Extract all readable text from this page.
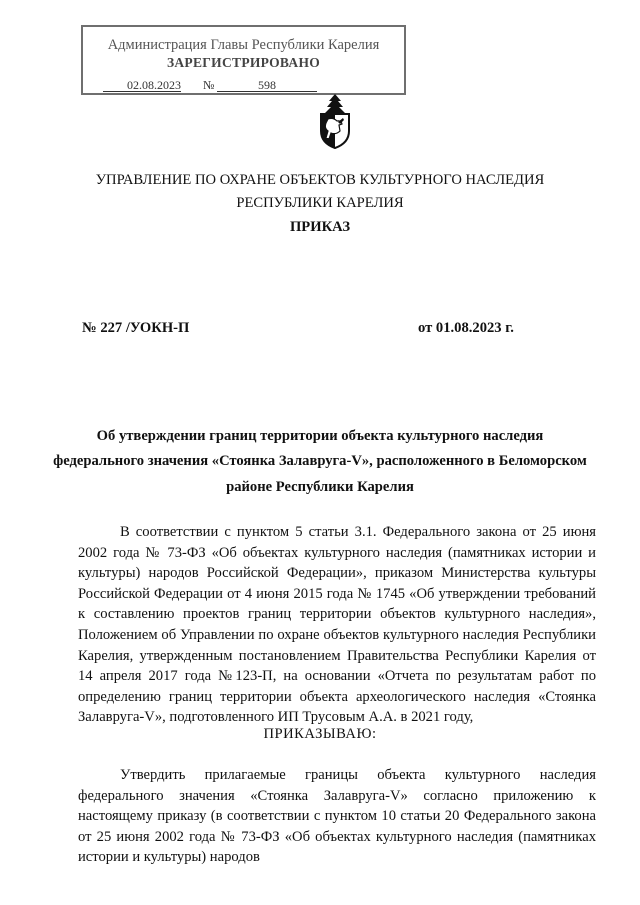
Администрация Главы Республики Карелия
ЗАРЕГИСТРИРОВАНО
02.08.2023 №	598
УПРАВЛЕНИЕ ПО ОХРАНЕ ОБЪЕКТОВ КУЛЬТУРНОГО НАСЛЕДИЯ
РЕСПУБЛИКИ КАРЕЛИЯ
ПРИКАЗ
№ 227 /УОКН-П	от 01.08.2023 г.
Об утверждении границ территории объекта культурного наследия
федерального значения «Стоянка Залавруга-V», расположенного в Беломорском
районе Республики Карелия

В соответствии с пунктом 5 статьи 3.1. Федерального закона от 25 июня 2002 года № 73-ФЗ «Об объектах культурного наследия (памятниках истории и культуры) народов Российской Федерации», приказом Министерства культуры Российской Федерации от 4 июня 2015 года № 1745 «Об утверждении требований к составлению проектов границ территории объектов культурного наследия», Положением об Управлении по охране объектов культурного наследия Республики Карелия, утвержденным постановлением Правительства Республики Карелия от 14 апреля 2017 года №123-П, на основании «Отчета по результатам работ по определению границ территории объекта археологического наследия «Стоянка Залавруга-V», подготовленного ИП Трусовым А.А. в 2021 году,

ПРИКАЗЫВАЮ:

Утвердить прилагаемые границы объекта культурного наследия федерального значения «Стоянка Залавруга-V» согласно приложению к настоящему приказу (в соответствии с пунктом 10 статьи 20 Федерального закона от 25 июня 2002 года № 73-ФЗ «Об объектах культурного наследия (памятниках истории и культуры) народов
